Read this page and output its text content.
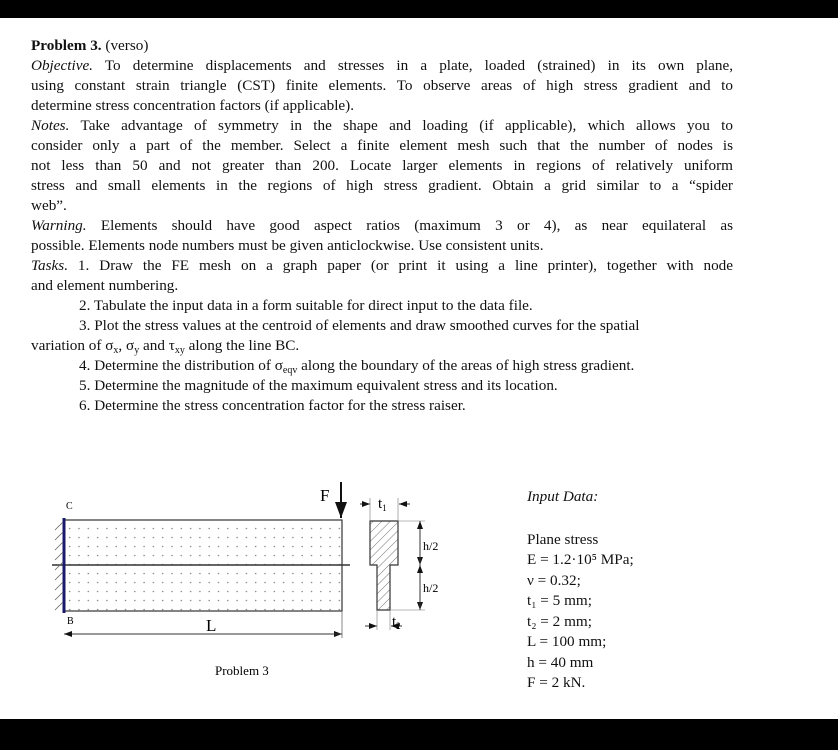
Problem 3. (verso)
Objective. To determine displacements and stresses in a plate, loaded (strained) in its own plane,
using constant strain triangle (CST) finite elements. To observe areas of high stress gradient and to
determine stress concentration factors (if applicable).
Notes. Take advantage of symmetry in the shape and loading (if applicable), which allows you to
consider only a part of the member. Select a finite element mesh such that the number of nodes is
not less than 50 and not greater than 200. Locate larger elements in regions of relatively uniform
stress and small elements in the regions of high stress gradient. Obtain a grid similar to a “spider
web”.
Warning. Elements should have good aspect ratios (maximum 3 or 4), as near equilateral as
possible. Elements node numbers must be given anticlockwise. Use consistent units.
Tasks. 1. Draw the FE mesh on a graph paper (or print it using a line printer), together with node
and element numbering.
2. Tabulate the input data in a form suitable for direct input to the data file.
3. Plot the stress values at the centroid of elements and draw smoothed curves for the spatial
variation of $\sigma_x$, $\sigma_y$ and $\tau_{xy}$ along the line BC.
4. Determine the distribution of $\sigma_{eqv}$ along the boundary of the areas of high stress gradient.
5. Determine the magnitude of the maximum equivalent stress and its location.
6. Determine the stress concentration factor for the stress raiser.
C
B	L
F	$t_1$
$t_2$
h/2
h/2
Problem 3
Input Data:
Plane stress
E = 1.2·10⁵ MPa;
ν = 0.32;
t₁ = 5 mm;
t₂ = 2 mm;
L = 100 mm;
h = 40 mm
F = 2 kN.
